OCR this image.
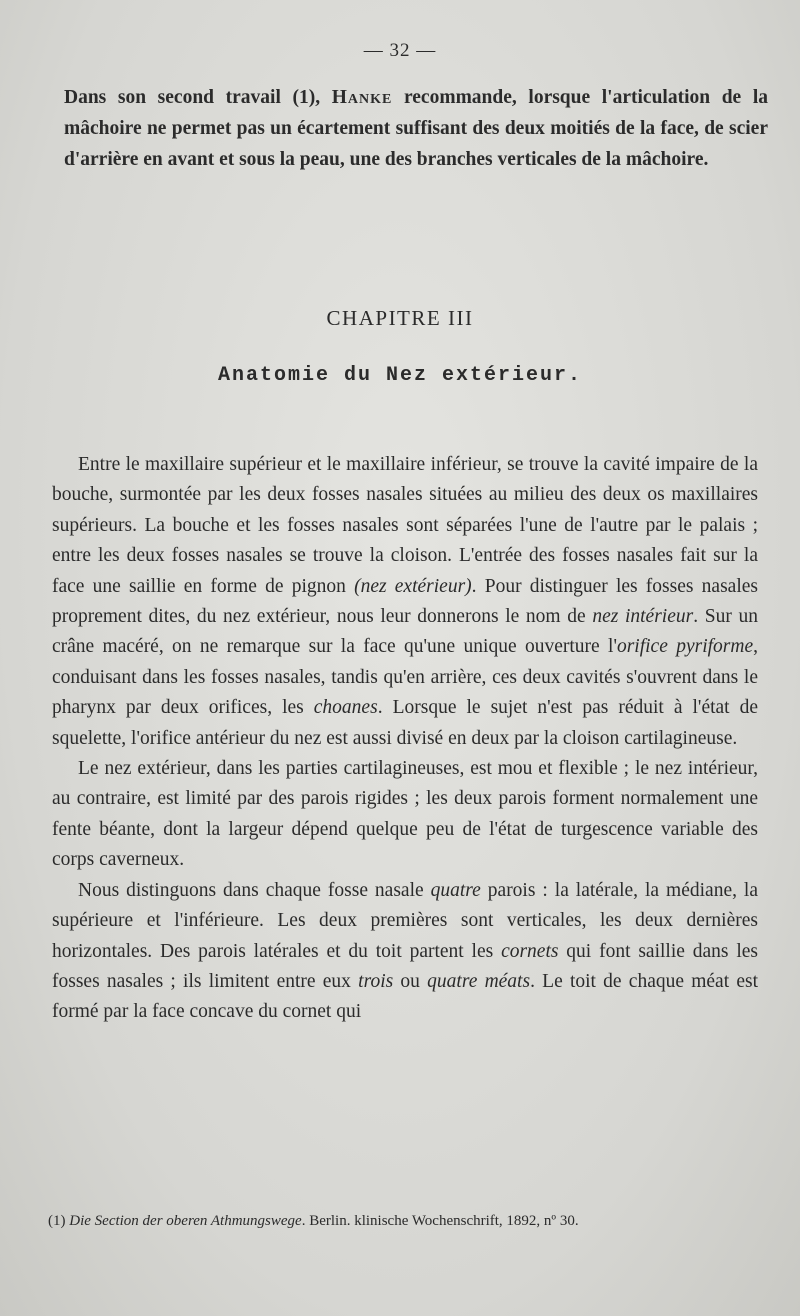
— 32 —

Dans son second travail (1), Hanke recommande, lorsque l'articulation de la mâchoire ne permet pas un écartement suffisant des deux moitiés de la face, de scier d'arrière en avant et sous la peau, une des branches verticales de la mâchoire.

CHAPITRE III
Anatomie du Nez extérieur.

Entre le maxillaire supérieur et le maxillaire inférieur, se trouve la cavité impaire de la bouche, surmontée par les deux fosses nasales situées au milieu des deux os maxillaires supérieurs. La bouche et les fosses nasales sont séparées l'une de l'autre par le palais ; entre les deux fosses nasales se trouve la cloison. L'entrée des fosses nasales fait sur la face une saillie en forme de pignon (nez extérieur). Pour distinguer les fosses nasales proprement dites, du nez extérieur, nous leur donnerons le nom de nez intérieur. Sur un crâne macéré, on ne remarque sur la face qu'une unique ouverture l'orifice pyriforme, conduisant dans les fosses nasales, tandis qu'en arrière, ces deux cavités s'ouvrent dans le pharynx par deux orifices, les choanes. Lorsque le sujet n'est pas réduit à l'état de squelette, l'orifice antérieur du nez est aussi divisé en deux par la cloison cartilagineuse.

Le nez extérieur, dans les parties cartilagineuses, est mou et flexible ; le nez intérieur, au contraire, est limité par des parois rigides ; les deux parois forment normalement une fente béante, dont la largeur dépend quelque peu de l'état de turgescence variable des corps caverneux.

Nous distinguons dans chaque fosse nasale quatre parois : la latérale, la médiane, la supérieure et l'inférieure. Les deux premières sont verticales, les deux dernières horizontales. Des parois latérales et du toit partent les cornets qui font saillie dans les fosses nasales ; ils limitent entre eux trois ou quatre méats. Le toit de chaque méat est formé par la face concave du cornet qui

(1) Die Section der oberen Athmungswege. Berlin. klinische Wochenschrift, 1892, nº 30.
